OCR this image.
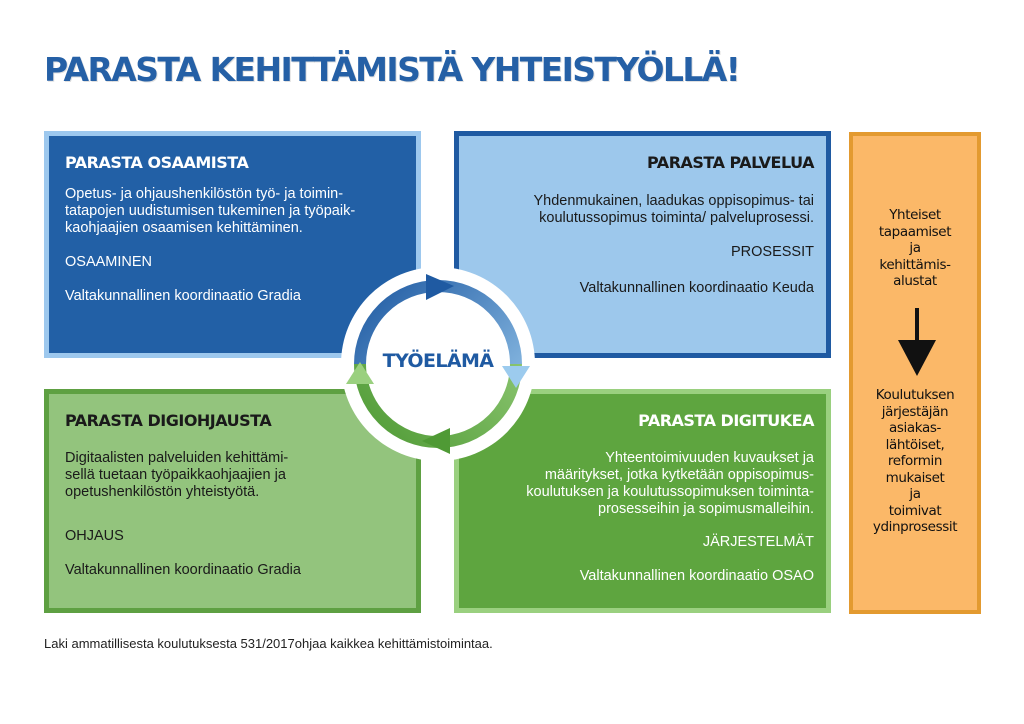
PARASTA KEHITTÄMISTÄ YHTEISTYÖLLÄ!
PARASTA OSAAMISTA

Opetus- ja ohjaushenkilöstön työ- ja toimin-
tatapojen uudistumisen tukeminen ja työpaik-
kaohjaajien osaamisen kehittäminen.

OSAAMINEN

Valtakunnallinen koordinaatio Gradia

PARASTA PALVELUA

Yhdenmukainen, laadukas oppisopimus- tai
koulutussopimus toiminta/ palveluprosessi.

PROSESSIT

Valtakunnallinen koordinaatio Keuda

PARASTA DIGIOHJAUSTA

Digitaalisten palveluiden kehittämi-
sellä tuetaan työpaikkaohjaajien ja
opetushenkilöstön yhteistyötä.

OHJAUS

Valtakunnallinen koordinaatio Gradia

PARASTA DIGITUKEA

Yhteentoimivuuden kuvaukset ja
määritykset, jotka kytketään oppisopimus-
koulutuksen ja koulutussopimuksen toiminta-
prosesseihin ja sopimusmalleihin.

JÄRJESTELMÄT

Valtakunnallinen koordinaatio OSAO

Yhteiset
tapaamiset
ja
kehittämis-
alustat

Koulutuksen
järjestäjän
asiakas-
lähtöiset,
reformin
mukaiset
ja
toimivat
ydinprosessit

TYÖELÄMÄ

Laki ammatillisesta koulutuksesta 531/2017ohjaa kaikkea kehittämistoimintaa.
